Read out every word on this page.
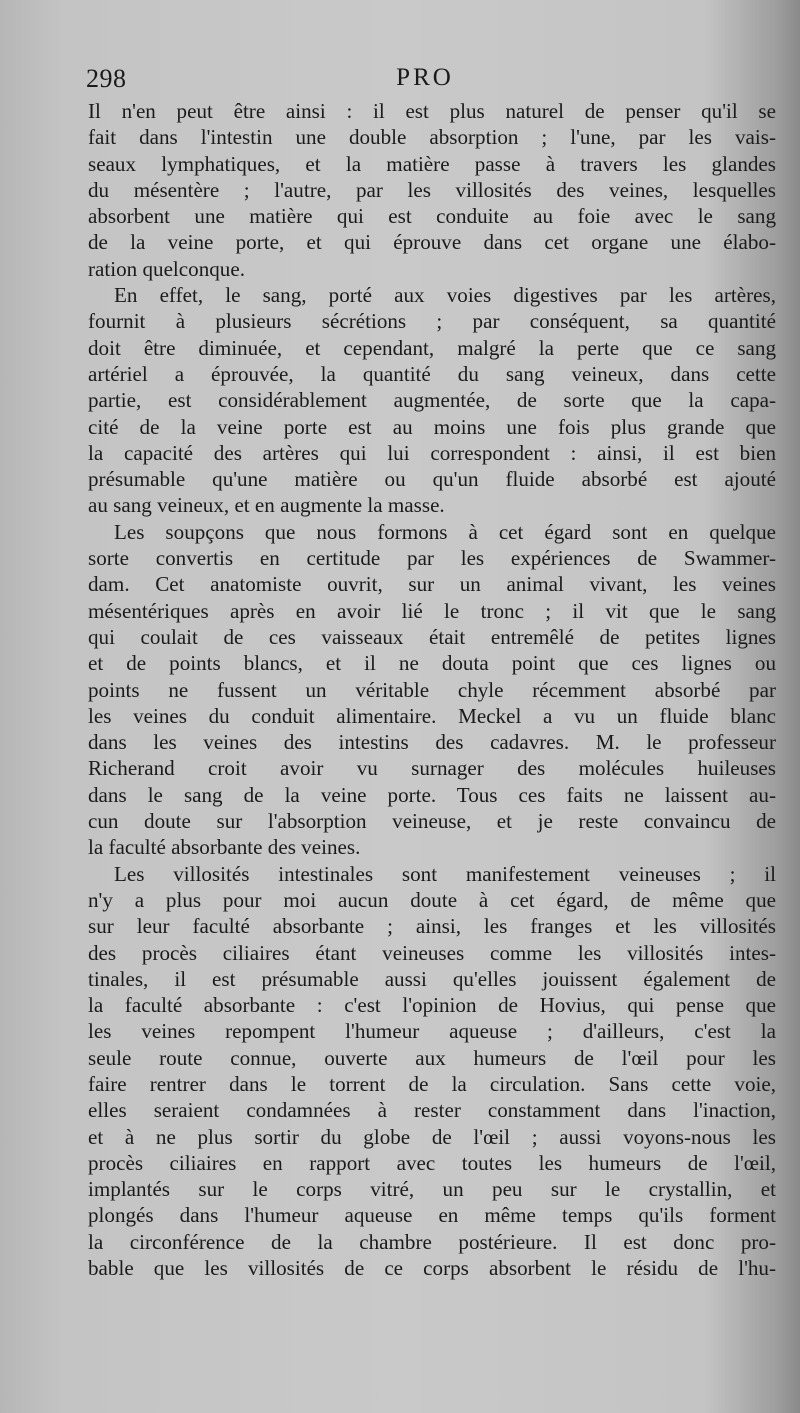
298	PRO
Il n'en peut être ainsi : il est plus naturel de penser qu'il se
fait dans l'intestin une double absorption ; l'une, par les vais-
seaux lymphatiques, et la matière passe à travers les glandes
du mésentère ; l'autre, par les villosités des veines, lesquelles
absorbent une matière qui est conduite au foie avec le sang
de la veine porte, et qui éprouve dans cet organe une élabo-
ration quelconque.
En effet, le sang, porté aux voies digestives par les artères,
fournit à plusieurs sécrétions ; par conséquent, sa quantité
doit être diminuée, et cependant, malgré la perte que ce sang
artériel a éprouvée, la quantité du sang veineux, dans cette
partie, est considérablement augmentée, de sorte que la capa-
cité de la veine porte est au moins une fois plus grande que
la capacité des artères qui lui correspondent : ainsi, il est bien
présumable qu'une matière ou qu'un fluide absorbé est ajouté
au sang veineux, et en augmente la masse.
Les soupçons que nous formons à cet égard sont en quelque
sorte convertis en certitude par les expériences de Swammer-
dam. Cet anatomiste ouvrit, sur un animal vivant, les veines
mésentériques après en avoir lié le tronc ; il vit que le sang
qui coulait de ces vaisseaux était entremêlé de petites lignes
et de points blancs, et il ne douta point que ces lignes ou
points ne fussent un véritable chyle récemment absorbé par
les veines du conduit alimentaire. Meckel a vu un fluide blanc
dans les veines des intestins des cadavres. M. le professeur
Richerand croit avoir vu surnager des molécules huileuses
dans le sang de la veine porte. Tous ces faits ne laissent au-
cun doute sur l'absorption veineuse, et je reste convaincu de
la faculté absorbante des veines.
Les villosités intestinales sont manifestement veineuses ; il
n'y a plus pour moi aucun doute à cet égard, de même que
sur leur faculté absorbante ; ainsi, les franges et les villosités
des procès ciliaires étant veineuses comme les villosités intes-
tinales, il est présumable aussi qu'elles jouissent également de
la faculté absorbante : c'est l'opinion de Hovius, qui pense que
les veines repompent l'humeur aqueuse ; d'ailleurs, c'est la
seule route connue, ouverte aux humeurs de l'œil pour les
faire rentrer dans le torrent de la circulation. Sans cette voie,
elles seraient condamnées à rester constamment dans l'inaction,
et à ne plus sortir du globe de l'œil ; aussi voyons-nous les
procès ciliaires en rapport avec toutes les humeurs de l'œil,
implantés sur le corps vitré, un peu sur le crystallin, et
plongés dans l'humeur aqueuse en même temps qu'ils forment
la circonférence de la chambre postérieure. Il est donc pro-
bable que les villosités de ce corps absorbent le résidu de l'hu-
